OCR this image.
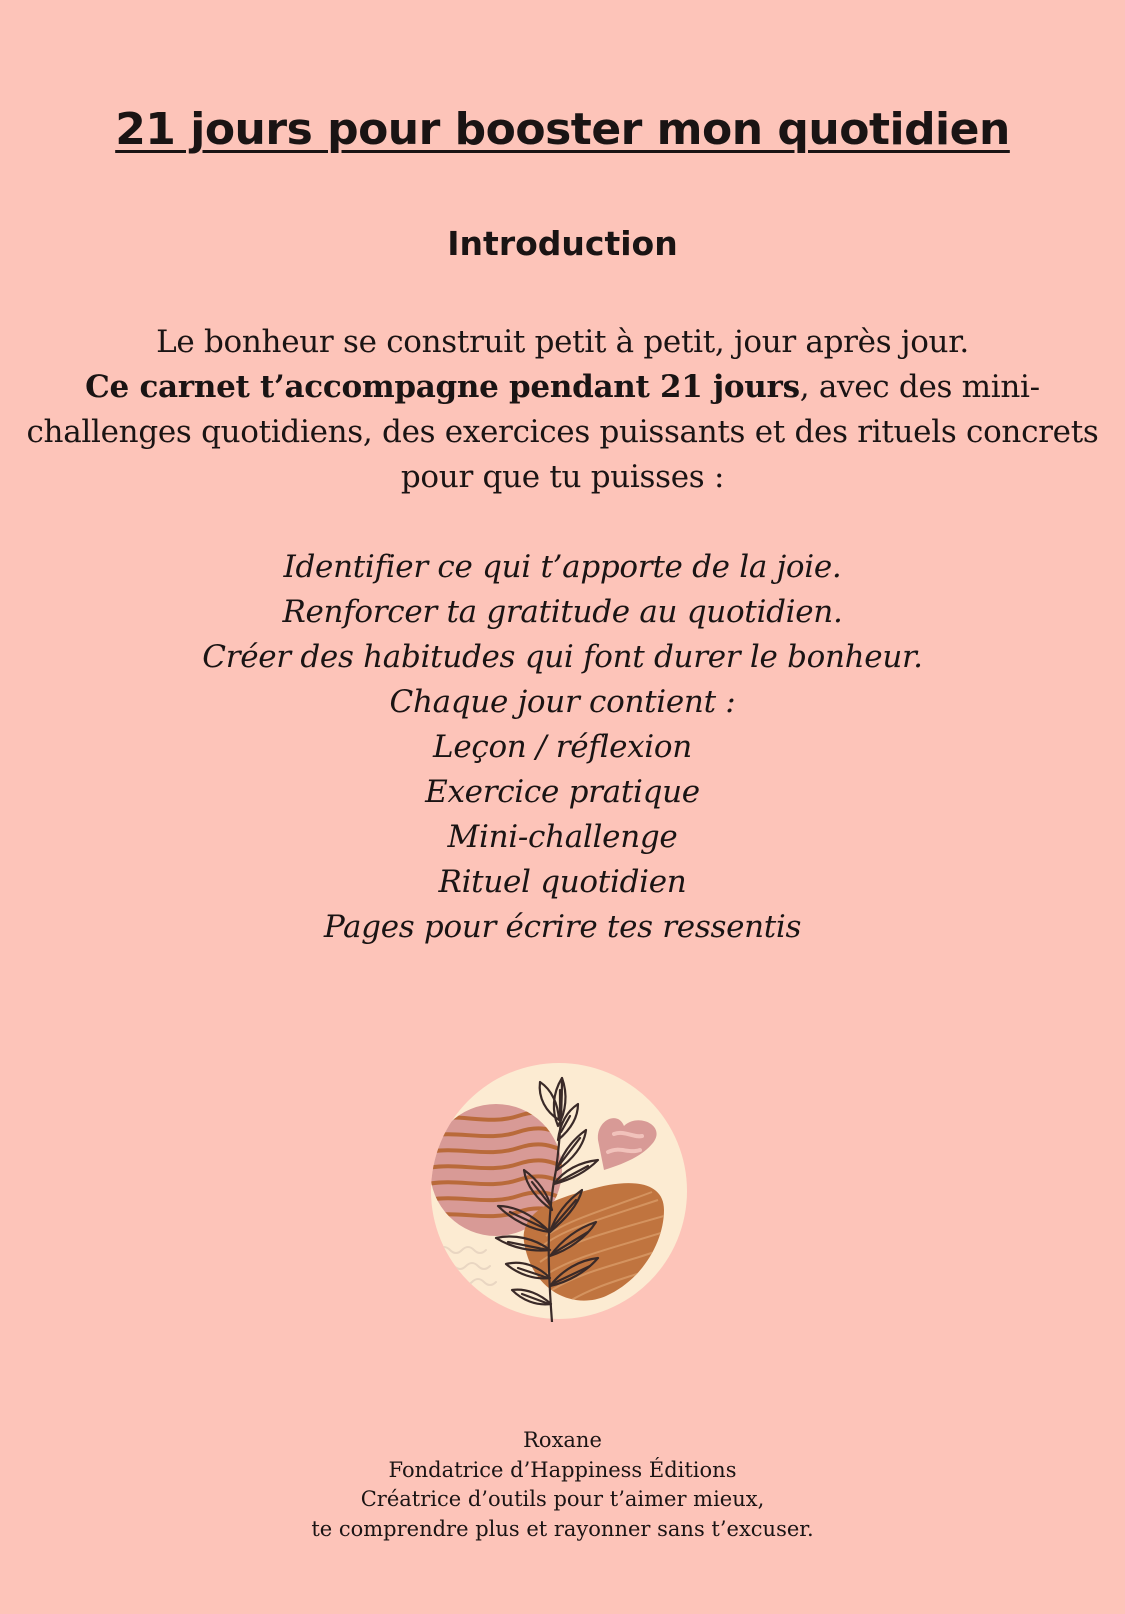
21 jours pour booster mon quotidien
Introduction

Le bonheur se construit petit à petit, jour après jour.
Ce carnet t’accompagne pendant 21 jours, avec des mini-challenges quotidiens, des exercices puissants et des rituels concrets pour que tu puisses :

Identifier ce qui t’apporte de la joie.
Renforcer ta gratitude au quotidien.
Créer des habitudes qui font durer le bonheur.
Chaque jour contient :
Leçon / réflexion
Exercice pratique
Mini-challenge
Rituel quotidien
Pages pour écrire tes ressentis
Roxane
Fondatrice d’Happiness Éditions
Créatrice d’outils pour t’aimer mieux,
te comprendre plus et rayonner sans t’excuser.
